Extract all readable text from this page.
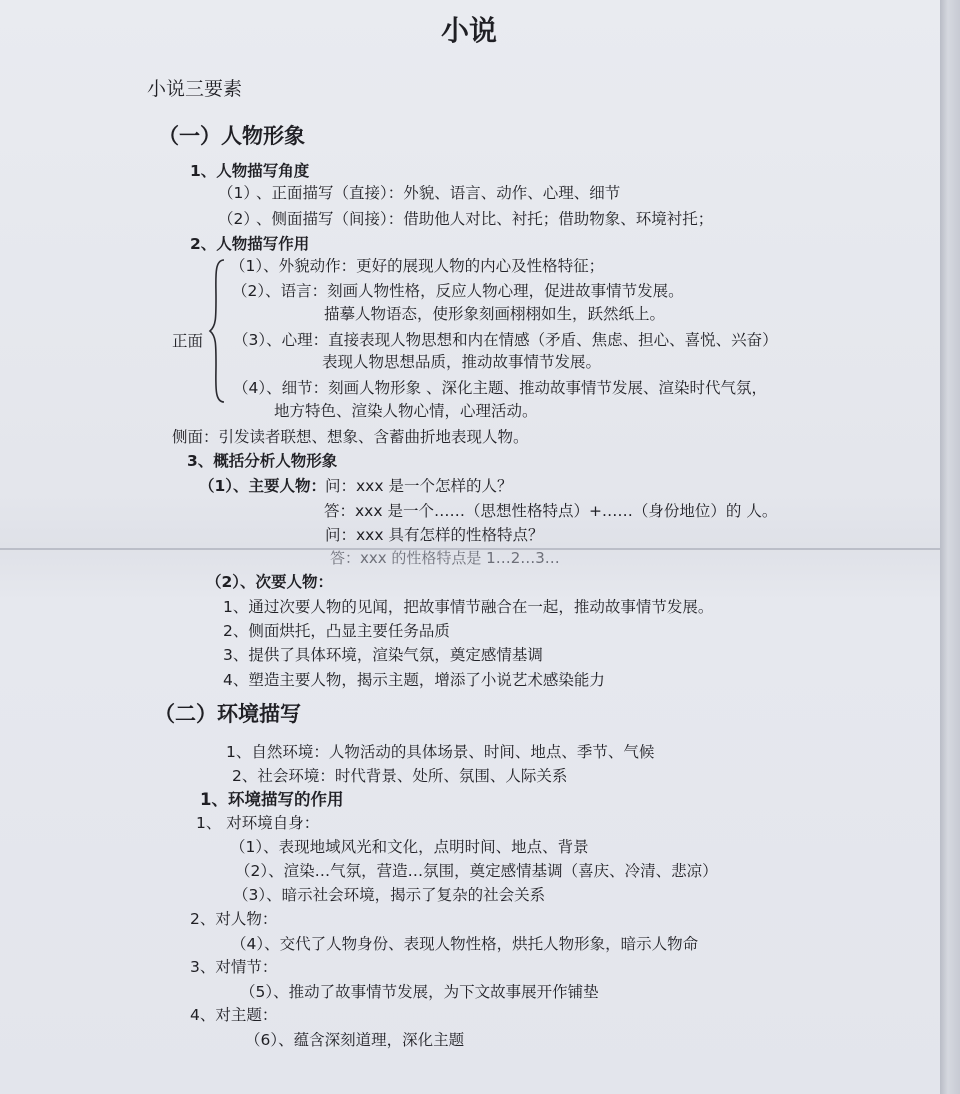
小说
小说三要素
（一）人物形象
1、人物描写角度
（1）
、正面描写（直接）：外貌、语言、动作、心理、细节
（2）
、侧面描写（间接）：借助他人对比、衬托；借助物象、环境衬托；
2、人物描写作用
正面
（1）、外貌动作：更好的展现人物的内心及性格特征；
（2）、语言：刻画人物性格，反应人物心理，促进故事情节发展。
描摹人物语态，使形象刻画栩栩如生，跃然纸上。
（3）、心理：直接表现人物思想和内在情感（矛盾、焦虑、担心、喜悦、兴奋）
表现人物思想品质，推动故事情节发展。
（4）、细节：刻画人物形象 、深化主题、推动故事情节发展、渲染时代气氛，
地方特色、渲染人物心情，心理活动。
侧面：引发读者联想、想象、含蓄曲折地表现人物。
3、概括分析人物形象
（1）、主要人物：
问：xxx 是一个怎样的人？
答：xxx 是一个……（思想性格特点）+……（身份地位）的 人。
问：xxx 具有怎样的性格特点？
答：xxx 的性格特点是 1…2…3…
（2）、次要人物：
1、通过次要人物的见闻，把故事情节融合在一起，推动故事情节发展。
2、侧面烘托，凸显主要任务品质
3、提供了具体环境，渲染气氛，奠定感情基调
4、塑造主要人物，揭示主题，增添了小说艺术感染能力
（二）环境描写
1、自然环境：人物活动的具体场景、时间、地点、季节、气候
2、社会环境：时代背景、处所、氛围、人际关系
1、环境描写的作用
1、 对环境自身：
（1）、表现地域风光和文化，点明时间、地点、背景
（2）、渲染…气氛，营造…氛围，奠定感情基调（喜庆、冷清、悲凉）
（3）、暗示社会环境，揭示了复杂的社会关系
2、对人物：
（4）、交代了人物身份、表现人物性格，烘托人物形象，暗示人物命
3、对情节：
（5）、推动了故事情节发展，为下文故事展开作铺垫
4、对主题：
（6）、蕴含深刻道理，深化主题
